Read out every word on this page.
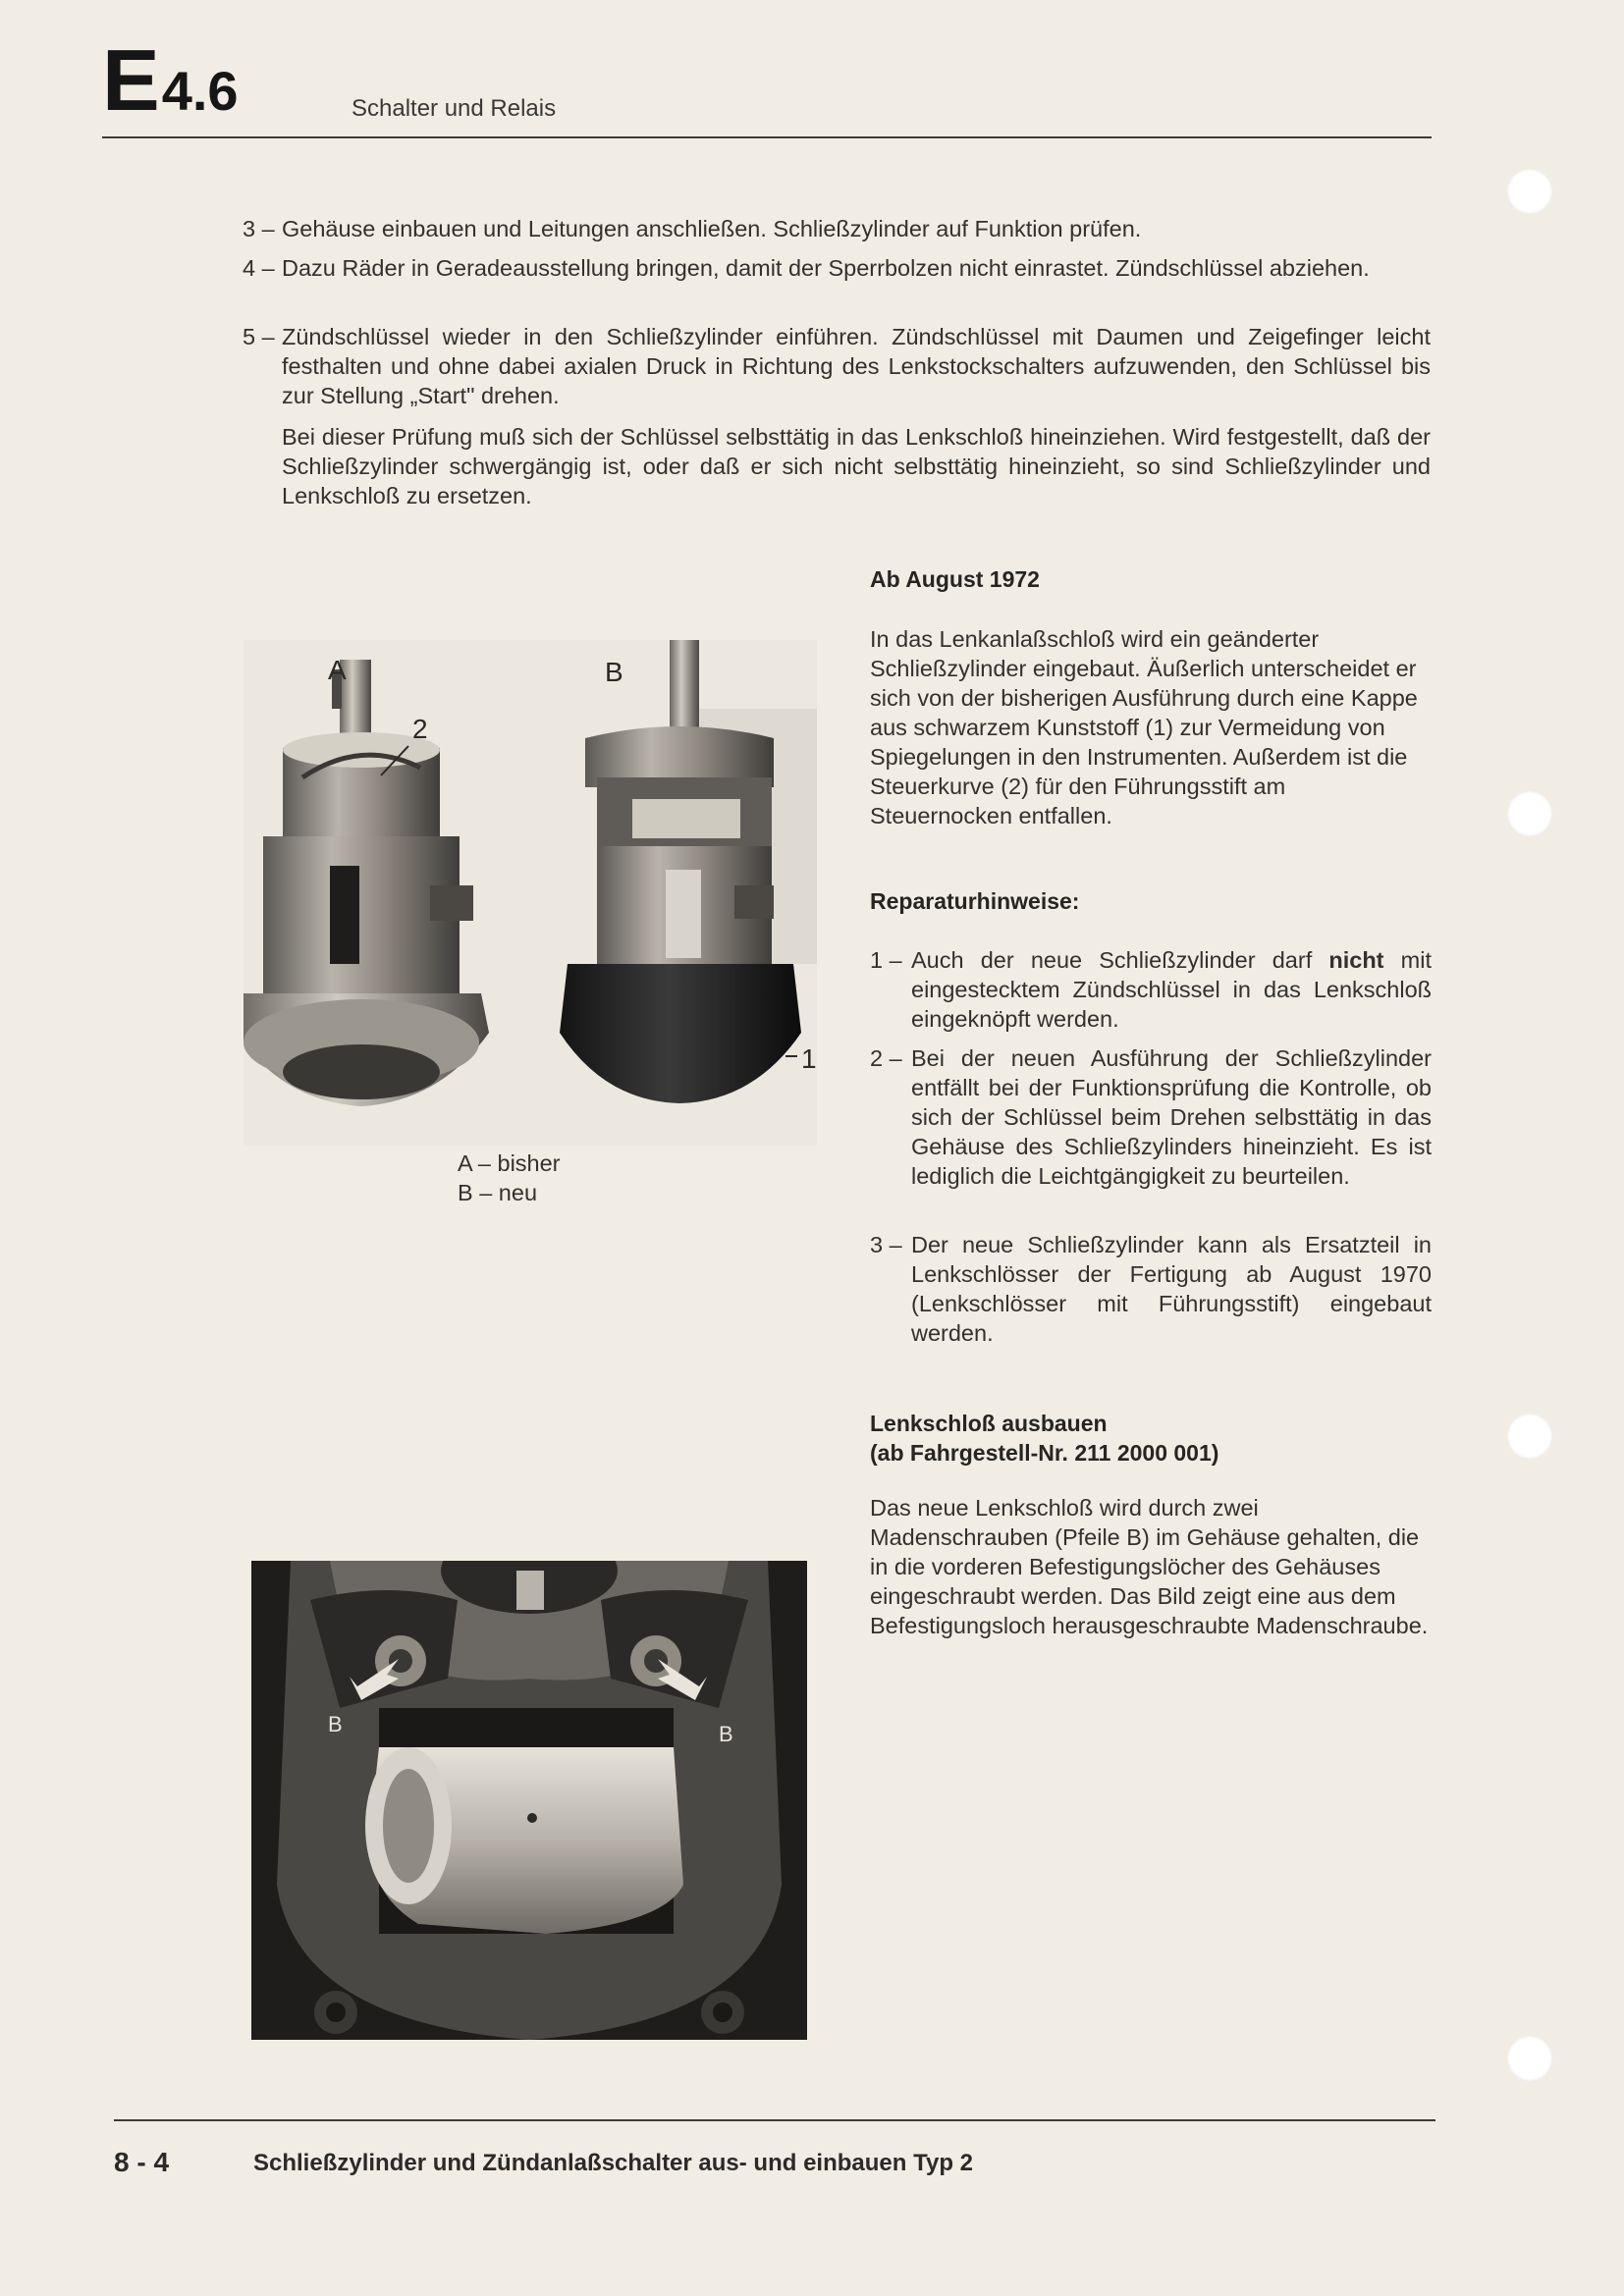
E4.6	Schalter und Relais
3 – Gehäuse einbauen und Leitungen anschließen. Schließzylinder auf Funktion prüfen.
4 – Dazu Räder in Geradeausstellung bringen, damit der Sperrbolzen nicht einrastet. Zündschlüssel abziehen.
5 – Zündschlüssel wieder in den Schließzylinder einführen. Zündschlüssel mit Daumen und Zeigefinger leicht festhalten und ohne dabei axialen Druck in Richtung des Lenkstockschalters aufzuwenden, den Schlüssel bis zur Stellung „Start" drehen.
Bei dieser Prüfung muß sich der Schlüssel selbsttätig in das Lenkschloß hineinziehen. Wird festgestellt, daß der Schließzylinder schwergängig ist, oder daß er sich nicht selbsttätig hineinzieht, so sind Schließzylinder und Lenkschloß zu ersetzen.
A	B
2
1
A – bisher
B – neu
Ab August 1972
In das Lenkanlaßschloß wird ein geänderter Schließzylinder eingebaut. Äußerlich unterscheidet er sich von der bisherigen Ausführung durch eine Kappe aus schwarzem Kunststoff (1) zur Vermeidung von Spiegelungen in den Instrumenten. Außerdem ist die Steuerkurve (2) für den Führungsstift am Steuernocken entfallen.
Reparaturhinweise:
1 – Auch der neue Schließzylinder darf nicht mit eingestecktem Zündschlüssel in das Lenkschloß eingeknöpft werden.
2 – Bei der neuen Ausführung der Schließzylinder entfällt bei der Funktionsprüfung die Kontrolle, ob sich der Schlüssel beim Drehen selbsttätig in das Gehäuse des Schließzylinders hineinzieht. Es ist lediglich die Leichtgängigkeit zu beurteilen.
3 – Der neue Schließzylinder kann als Ersatzteil in Lenkschlösser der Fertigung ab August 1970 (Lenkschlösser mit Führungsstift) eingebaut werden.
Lenkschloß ausbauen
(ab Fahrgestell-Nr. 211 2000 001)
Das neue Lenkschloß wird durch zwei Madenschrauben (Pfeile B) im Gehäuse gehalten, die in die vorderen Befestigungslöcher des Gehäuses eingeschraubt werden. Das Bild zeigt eine aus dem Befestigungsloch herausgeschraubte Madenschraube.
B	B
8 - 4	Schließzylinder und Zündanlaßschalter aus- und einbauen Typ 2
